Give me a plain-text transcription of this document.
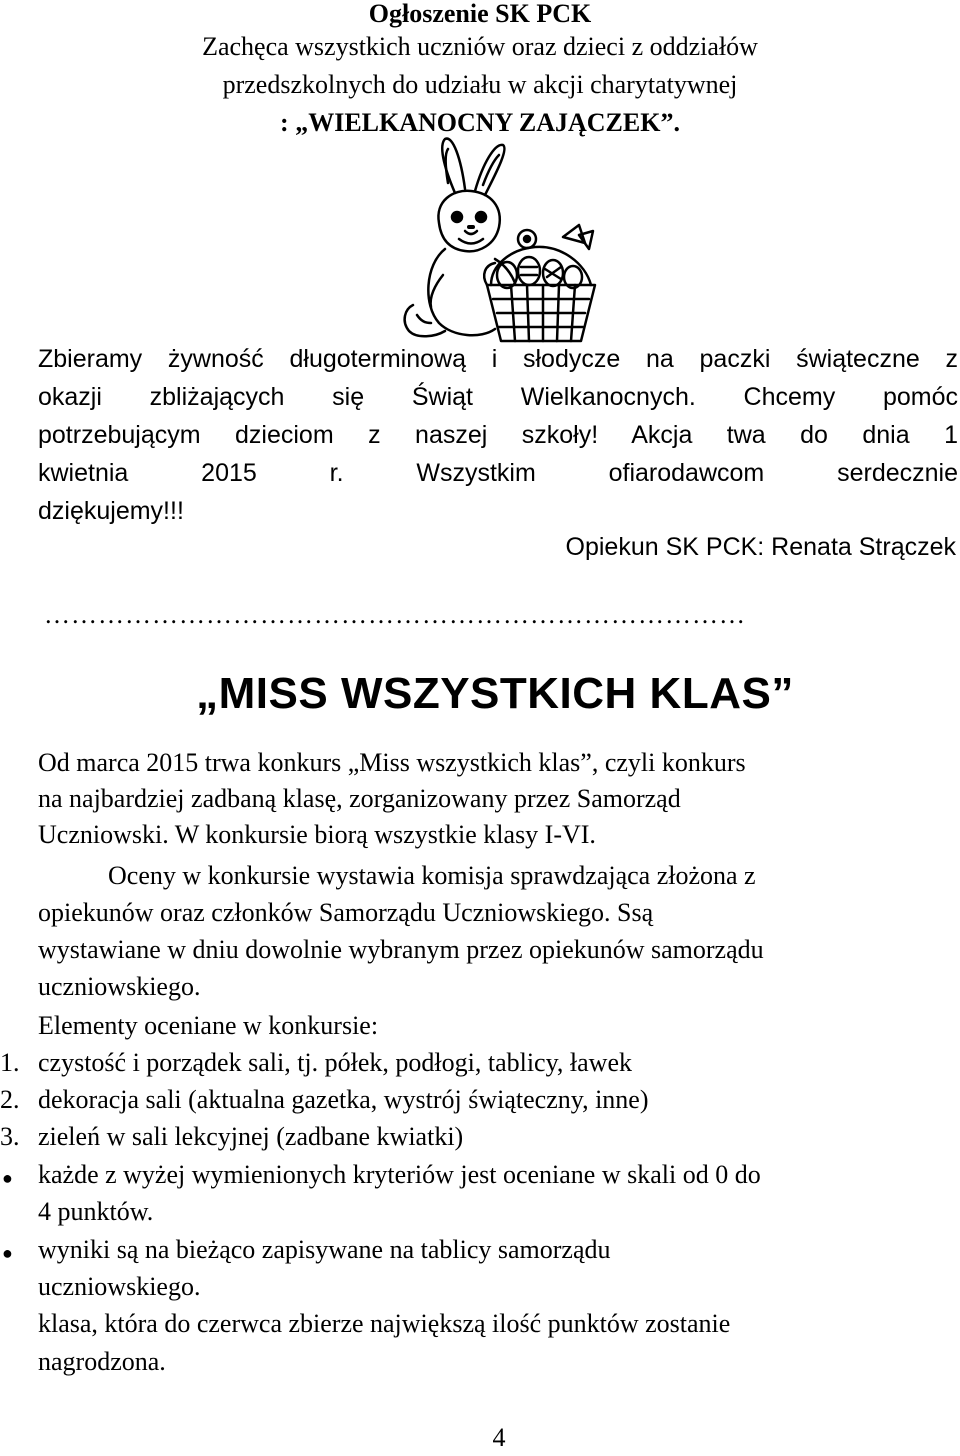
Ogłoszenie SK PCK
Zachęca wszystkich uczniów oraz dzieci z oddziałów
przedszkolnych do udziału w akcji charytatywnej
: „WIELKANOCNY ZAJĄCZEK”.
Zbieramy żywność długoterminową i słodycze na paczki świąteczne z
okazji zbliżających się Świąt Wielkanocnych. Chcemy pomóc
potrzebującym dzieciom z naszej szkoły! Akcja twa do dnia 1
kwietnia 2015 r. Wszystkim ofiarodawcom serdecznie
dziękujemy!!!
Opiekun SK PCK: Renata Strączek
……………………………………………………………………
„MISS WSZYSTKICH KLAS”
Od marca 2015 trwa konkurs „Miss wszystkich klas”, czyli konkurs
na najbardziej zadbaną klasę, zorganizowany przez Samorząd
Uczniowski. W konkursie biorą wszystkie klasy I-VI.
Oceny w konkursie wystawia komisja sprawdzająca złożona z
opiekunów oraz członków Samorządu Uczniowskiego. Ssą
wystawiane w dniu dowolnie wybranym przez opiekunów samorządu
uczniowskiego.
Elementy oceniane w konkursie:
1. czystość i porządek sali, tj. półek, podłogi, tablicy, ławek
2. dekoracja sali (aktualna gazetka, wystrój świąteczny, inne)
3. zieleń w sali lekcyjnej (zadbane kwiatki)
● każde z wyżej wymienionych kryteriów jest oceniane w skali od 0 do
4 punktów.
● wyniki są na bieżąco zapisywane na tablicy samorządu
uczniowskiego.
klasa, która do czerwca zbierze największą ilość punktów zostanie
nagrodzona.
4
